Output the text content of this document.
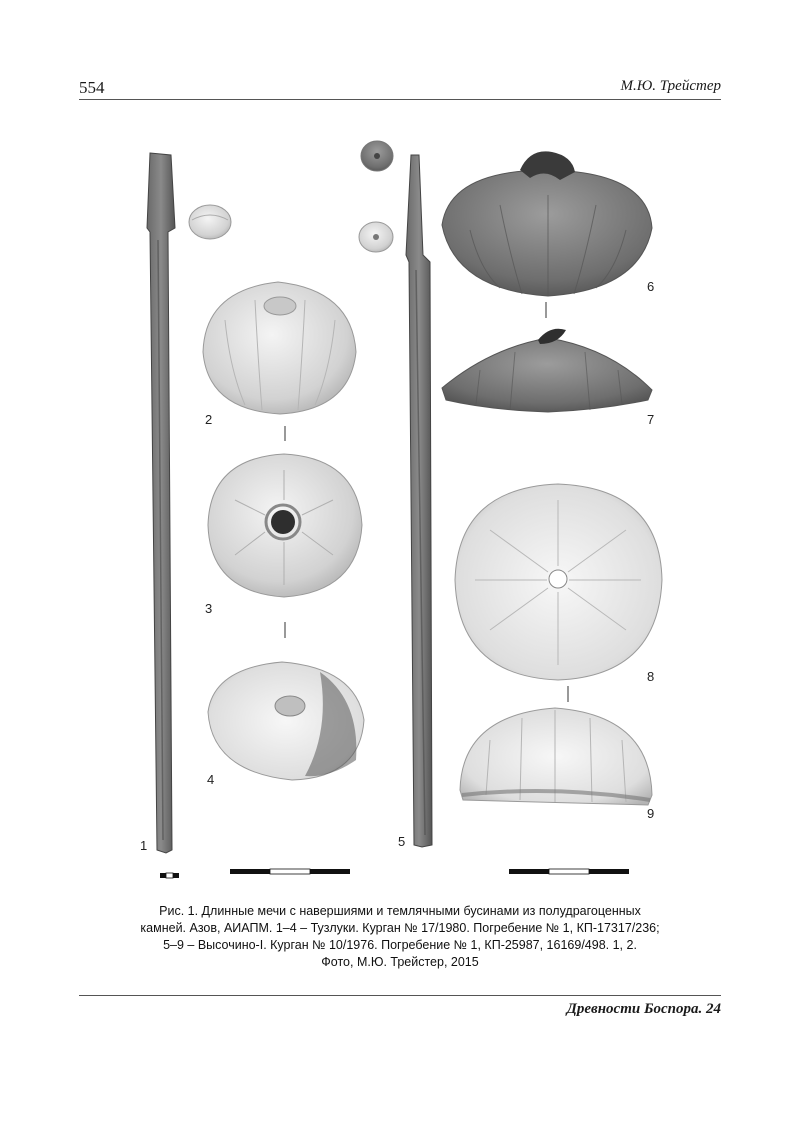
554	М.Ю. Трейстер
1
2
3
4
5
6
7
8
9
Рис. 1. Длинные мечи с навершиями и темлячными бусинами из полудрагоценных
камней. Азов, АИАПМ. 1–4 – Тузлуки. Курган № 17/1980. Погребение № 1, КП-17317/236;
5–9 – Высочино-I. Курган № 10/1976. Погребение № 1, КП-25987, 16169/498. 1, 2.
Фото, М.Ю. Трейстер, 2015
Древности Боспора. 24
